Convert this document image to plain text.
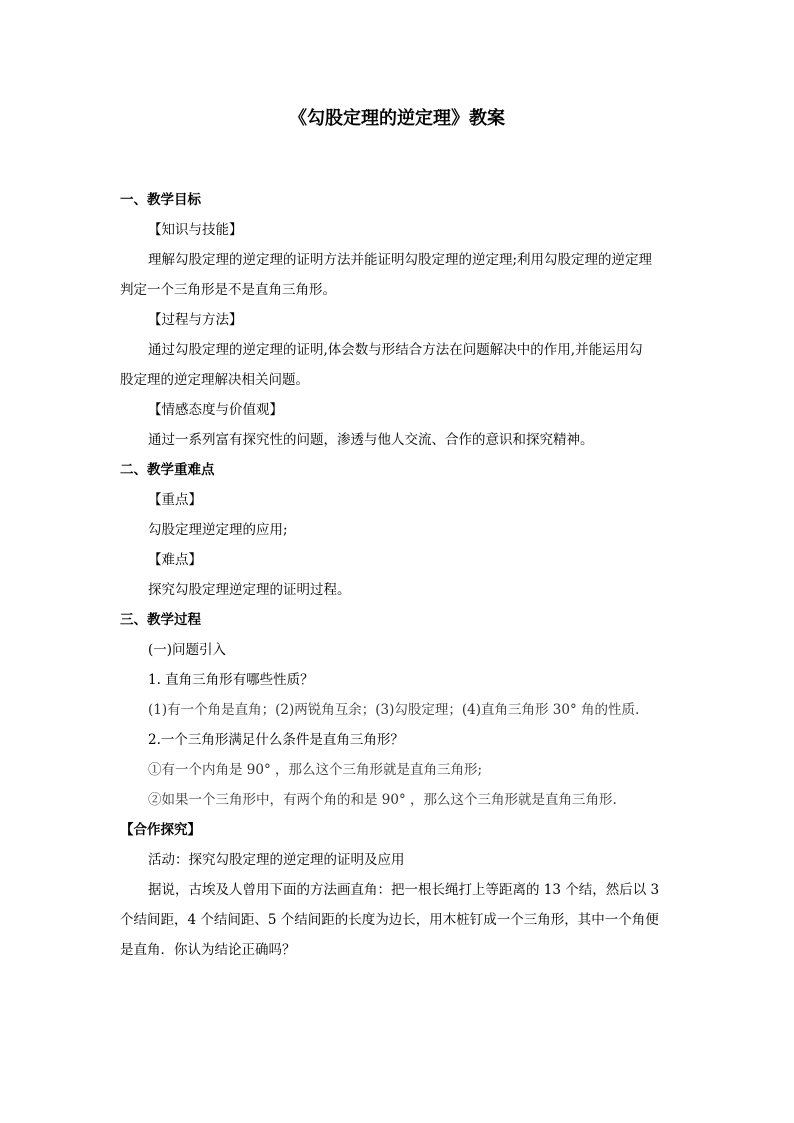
《勾股定理的逆定理》教案
一、教学目标
【知识与技能】
理解勾股定理的逆定理的证明方法并能证明勾股定理的逆定理;利用勾股定理的逆定理
判定一个三角形是不是直角三角形。
【过程与方法】
通过勾股定理的逆定理的证明,体会数与形结合方法在问题解决中的作用,并能运用勾
股定理的逆定理解决相关问题。
【情感态度与价值观】
通过一系列富有探究性的问题，渗透与他人交流、合作的意识和探究精神。
二、教学重难点
【重点】
勾股定理逆定理的应用;
【难点】
探究勾股定理逆定理的证明过程。
三、教学过程
(一)问题引入
1. 直角三角形有哪些性质？
(1)有一个角是直角；(2)两锐角互余；(3)勾股定理；(4)直角三角形 30° 角的性质.
2.一个三角形满足什么条件是直角三角形？
①有一个内角是 90° ，那么这个三角形就是直角三角形;
②如果一个三角形中，有两个角的和是 90° ，那么这个三角形就是直角三角形.
【合作探究】
活动：探究勾股定理的逆定理的证明及应用
据说，古埃及人曾用下面的方法画直角：把一根长绳打上等距离的 13 个结，然后以 3
个结间距，4 个结间距、5 个结间距的长度为边长，用木桩钉成一个三角形，其中一个角便
是直角．你认为结论正确吗？
